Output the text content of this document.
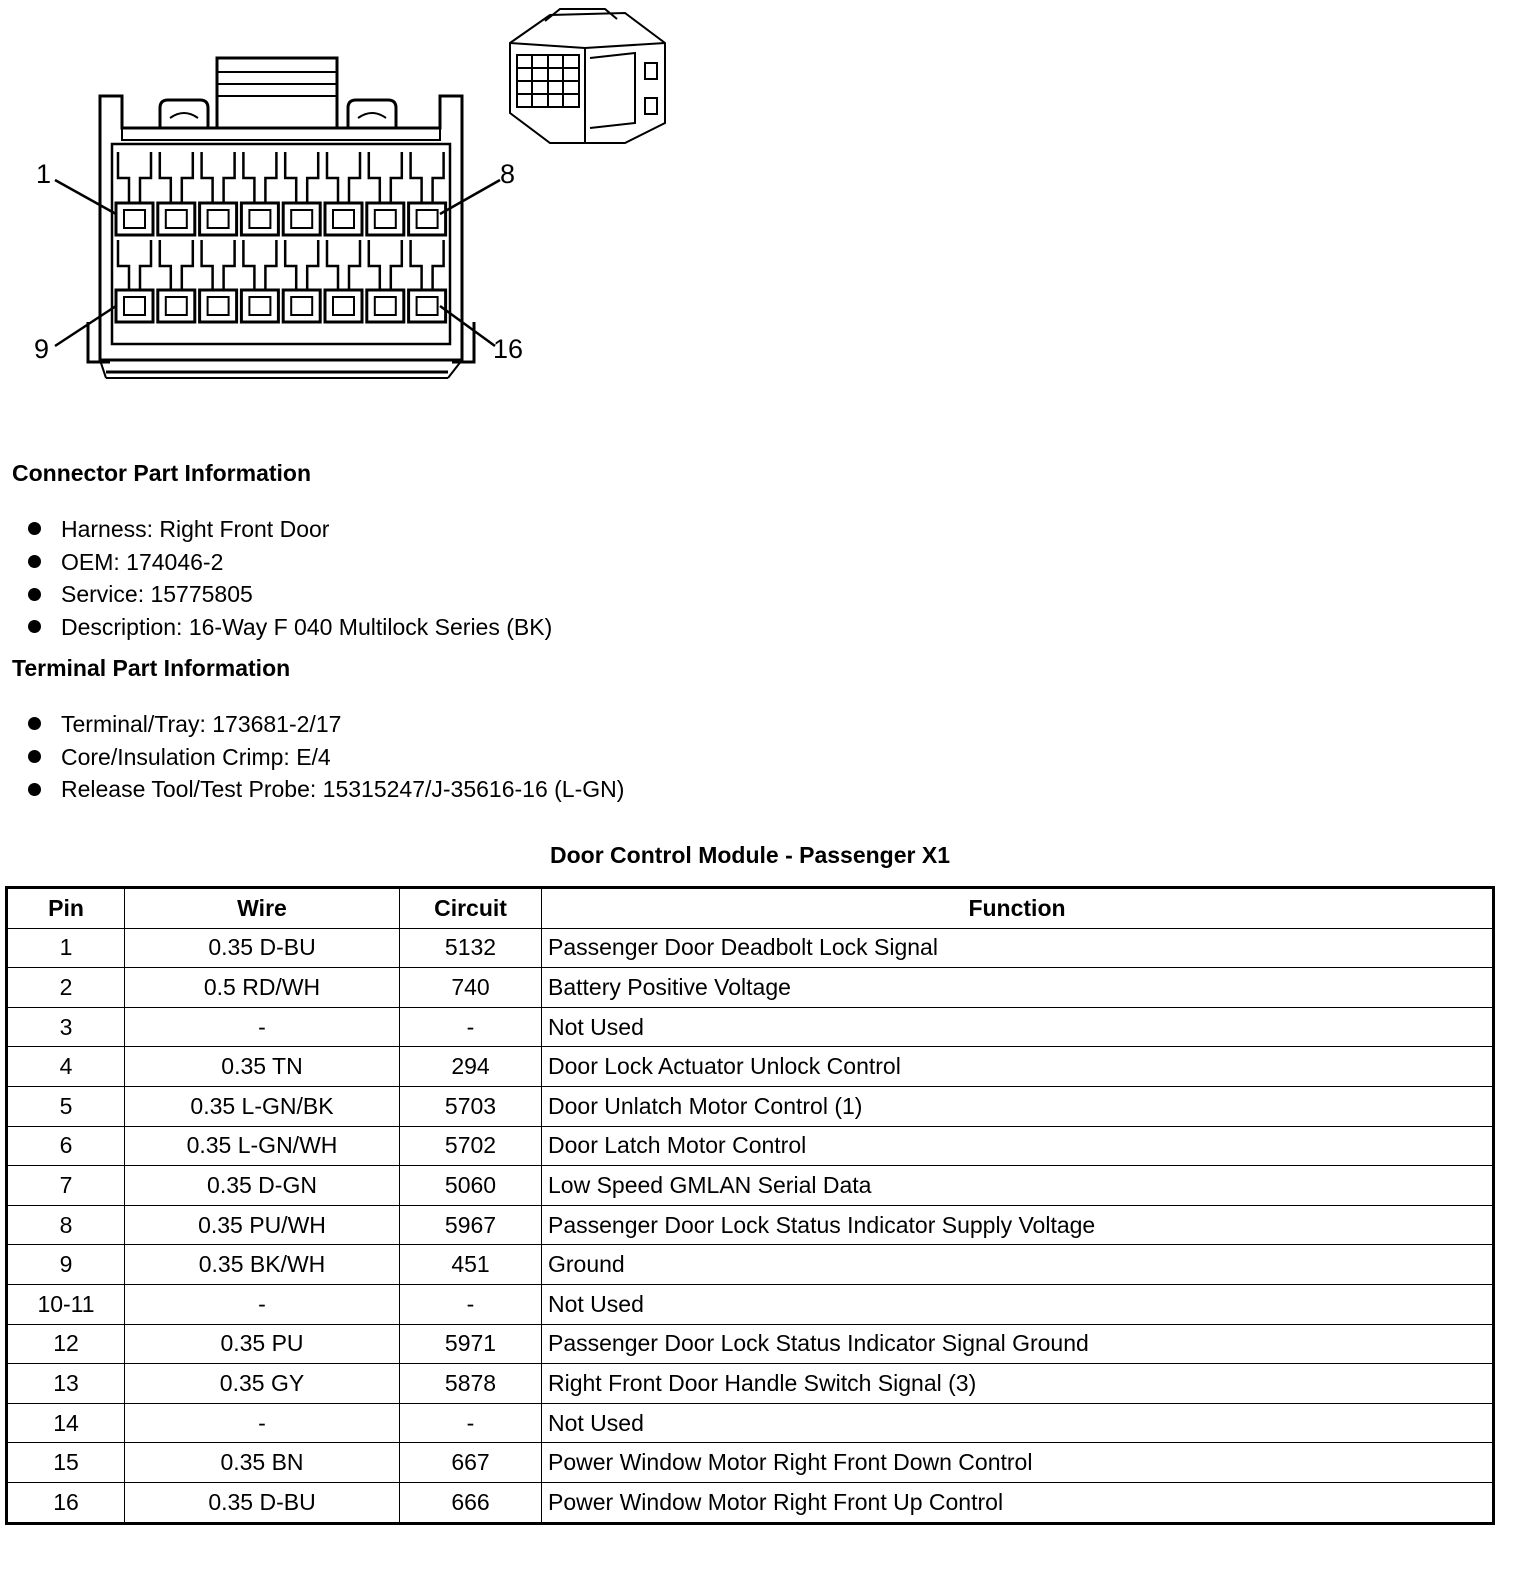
1	8
9	16
Connector Part Information
Harness: Right Front Door
OEM: 174046-2
Service: 15775805
Description: 16-Way F 040 Multilock Series (BK)
Terminal Part Information
Terminal/Tray: 173681-2/17
Core/Insulation Crimp: E/4
Release Tool/Test Probe: 15315247/J-35616-16 (L-GN)
Door Control Module - Passenger X1
Pin	Wire	Circuit	Function
1	0.35 D-BU	5132	Passenger Door Deadbolt Lock Signal
2	0.5 RD/WH	740	Battery Positive Voltage
3	-	-	Not Used
4	0.35 TN	294	Door Lock Actuator Unlock Control
5	0.35 L-GN/BK	5703	Door Unlatch Motor Control (1)
6	0.35 L-GN/WH	5702	Door Latch Motor Control
7	0.35 D-GN	5060	Low Speed GMLAN Serial Data
8	0.35 PU/WH	5967	Passenger Door Lock Status Indicator Supply Voltage
9	0.35 BK/WH	451	Ground
10-11	-	-	Not Used
12	0.35 PU	5971	Passenger Door Lock Status Indicator Signal Ground
13	0.35 GY	5878	Right Front Door Handle Switch Signal (3)
14	-	-	Not Used
15	0.35 BN	667	Power Window Motor Right Front Down Control
16	0.35 D-BU	666	Power Window Motor Right Front Up Control
